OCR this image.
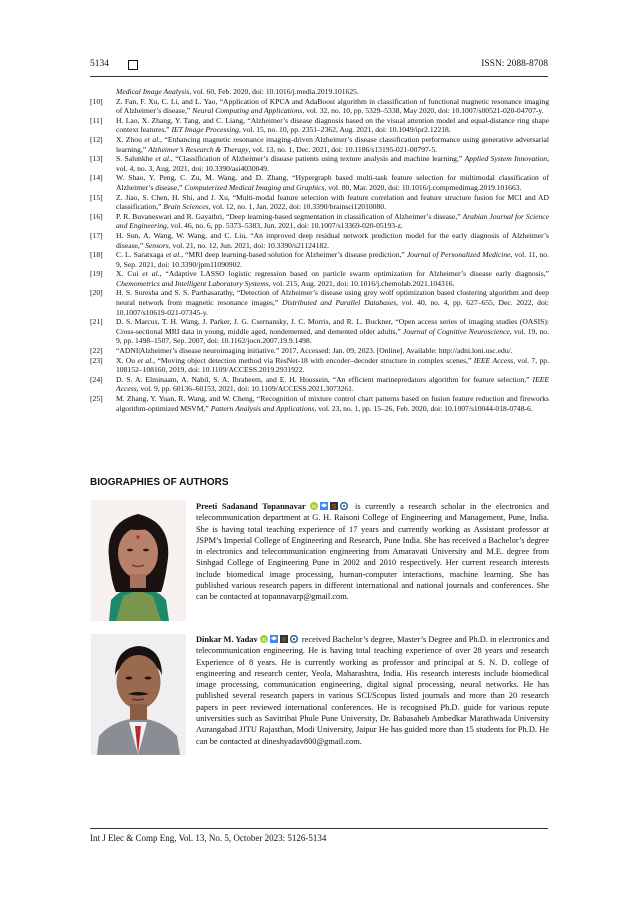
5134	ISSN: 2088-8708

Medical Image Analysis, vol. 60, Feb. 2020, doi: 10.1016/j.media.2019.101625.

[10] Z. Fan, F. Xu, C. Li, and L. Yao, “Application of KPCA and AdaBoost algorithm in classification of functional magnetic resonance imaging of Alzheimer’s disease,” Neural Computing and Applications, vol. 32, no. 10, pp. 5329–5338, May 2020, doi: 10.1007/s00521-020-04707-y.

[11] H. Lao, X. Zhang, Y. Tang, and C. Liang, “Alzheimer’s disease diagnosis based on the visual attention model and equal-distance ring shape context features,” IET Image Processing, vol. 15, no. 10, pp. 2351–2362, Aug. 2021, doi: 10.1049/ipr2.12218.

[12] X. Zhou et al., “Enhancing magnetic resonance imaging-driven Alzheimer’s disease classification performance using generative adversarial learning,” Alzheimer’s Research & Therapy, vol. 13, no. 1, Dec. 2021, doi: 10.1186/s13195-021-00797-5.

[13] S. Salunkhe et al., “Classification of Alzheimer’s disease patients using texture analysis and machine learning,” Applied System Innovation, vol. 4, no. 3, Aug. 2021, doi: 10.3390/asi4030049.

[14] W. Shao, Y. Peng, C. Zu, M. Wang, and D. Zhang, “Hypergraph based multi-task feature selection for multimodal classification of Alzheimer’s disease,” Computerized Medical Imaging and Graphics, vol. 80, Mar. 2020, doi: 10.1016/j.compmedimag.2019.101663.

[15] Z. Jiao, S. Chen, H. Shi, and J. Xu, “Multi-modal feature selection with feature correlation and feature structure fusion for MCI and AD classification,” Brain Sciences, vol. 12, no. 1, Jan. 2022, doi: 10.3390/brainsci12010080.

[16] P. R. Buvaneswari and R. Gayathri, “Deep learning-based segmentation in classification of Alzheimer’s disease,” Arabian Journal for Science and Engineering, vol. 46, no. 6, pp. 5373–5383, Jun. 2021, doi: 10.1007/s13369-020-05193-z.

[17] H. Sun, A. Wang, W. Wang, and C. Liu, “An improved deep residual network prediction model for the early diagnosis of Alzheimer’s disease,” Sensors, vol. 21, no. 12, Jun. 2021, doi: 10.3390/s21124182.

[18] C. L. Saratxaga et al., “MRI deep learning-based solution for Alzheimer’s disease prediction,” Journal of Personalized Medicine, vol. 11, no. 9, Sep. 2021, doi: 10.3390/jpm11090902.

[19] X. Cui et al., “Adaptive LASSO logistic regression based on particle swarm optimization for Alzheimer’s disease early diagnosis,” Chemometrics and Intelligent Laboratory Systems, vol. 215, Aug. 2021, doi: 10.1016/j.chemolab.2021.104316.

[20] H. S. Suresha and S. S. Parthasarathy, “Detection of Alzheimer’s disease using grey wolf optimization based clustering algorithm and deep neural network from magnetic resonance images,” Distributed and Parallel Databases, vol. 40, no. 4, pp. 627–655, Dec. 2022, doi: 10.1007/s10619-021-07345-y.

[21] D. S. Marcus, T. H. Wang, J. Parker, J. G. Csernansky, J. C. Morris, and R. L. Buckner, “Open access series of imaging studies (OASIS): Cross-sectional MRI data in young, middle aged, nondemented, and demented older adults,” Journal of Cognitive Neuroscience, vol. 19, no. 9, pp. 1498–1507, Sep. 2007, doi: 10.1162/jocn.2007.19.9.1498.

[22] “ADNI|Alzheimer’s disease neuroimaging initiative.” 2017, Accessed: Jan. 09, 2023. [Online]. Available: http://adni.loni.usc.edu/.

[23] X. Ou et al., “Moving object detection method via ResNet-18 with encoder–decoder structure in complex scenes,” IEEE Access, vol. 7, pp. 108152–108160, 2019, doi: 10.1109/ACCESS.2019.2931922.

[24] D. S. A. Elminaam, A. Nabil, S. A. Ibraheem, and E. H. Houssein, “An efficient marinepredators algorithm for feature selection,” IEEE Access, vol. 9, pp. 60136–60153, 2021, doi: 10.1109/ACCESS.2021.3073261.

[25] M. Zhang, Y. Yuan, R. Wang, and W. Cheng, “Recognition of mixture control chart patterns based on fusion feature reduction and fireworks algorithm-optimized MSVM,” Pattern Analysis and Applications, vol. 23, no. 1, pp. 15–26, Feb. 2020, doi: 10.1007/s10044-018-0748-6.

BIOGRAPHIES OF AUTHORS
Preeti Sadanand Topannavar iD S is currently a research scholar in the electronics and telecommunication department at G. H. Raisoni College of Engineering and Management, Pune, India. She is having total teaching experience of 17 years and currently working as Assistant professor at JSPM’s Imperial College of Engineering and Research, Pune India. She has received a Bachelor’s degree in electronics and telecommunication engineering from Amaravati University and M.E. degree from Sinhgad College of Engineering Pune in 2002 and 2010 respectively. Her current research interests include biomedical image processing, human-computer interactions, machine learning. She has published various research papers in different international and national journals and conferences. She can be contacted at topannavarp@gmail.com.
Dinkar M. Yadav iD S received Bachelor’s degree, Master’s Degree and Ph.D. in electronics and telecommunication engineering. He is having total teaching experience of over 28 years and research Experience of 8 years. He is currently working as professor and principal at S. N. D. college of engineering and research center, Yeola, Maharashtra, India. His research interests include biomedical image processing, communication engineering, digital signal processing, neural networks. He has published several research papers in various SCI/Scopus listed journals and more than 20 research papers in peer reviewed international conferences. He is recognised Ph.D. guide for various repute universities such as Savitribai Phule Pune University, Dr. Babasaheb Ambedkar Marathwada University Aurangabad JJTU Rajasthan, Modi University, Jaipur He has guided more than 15 students for Ph.D. He can be contacted at dineshyadav800@gmail.com.
Int J Elec & Comp Eng, Vol. 13, No. 5, October 2023: 5126-5134
